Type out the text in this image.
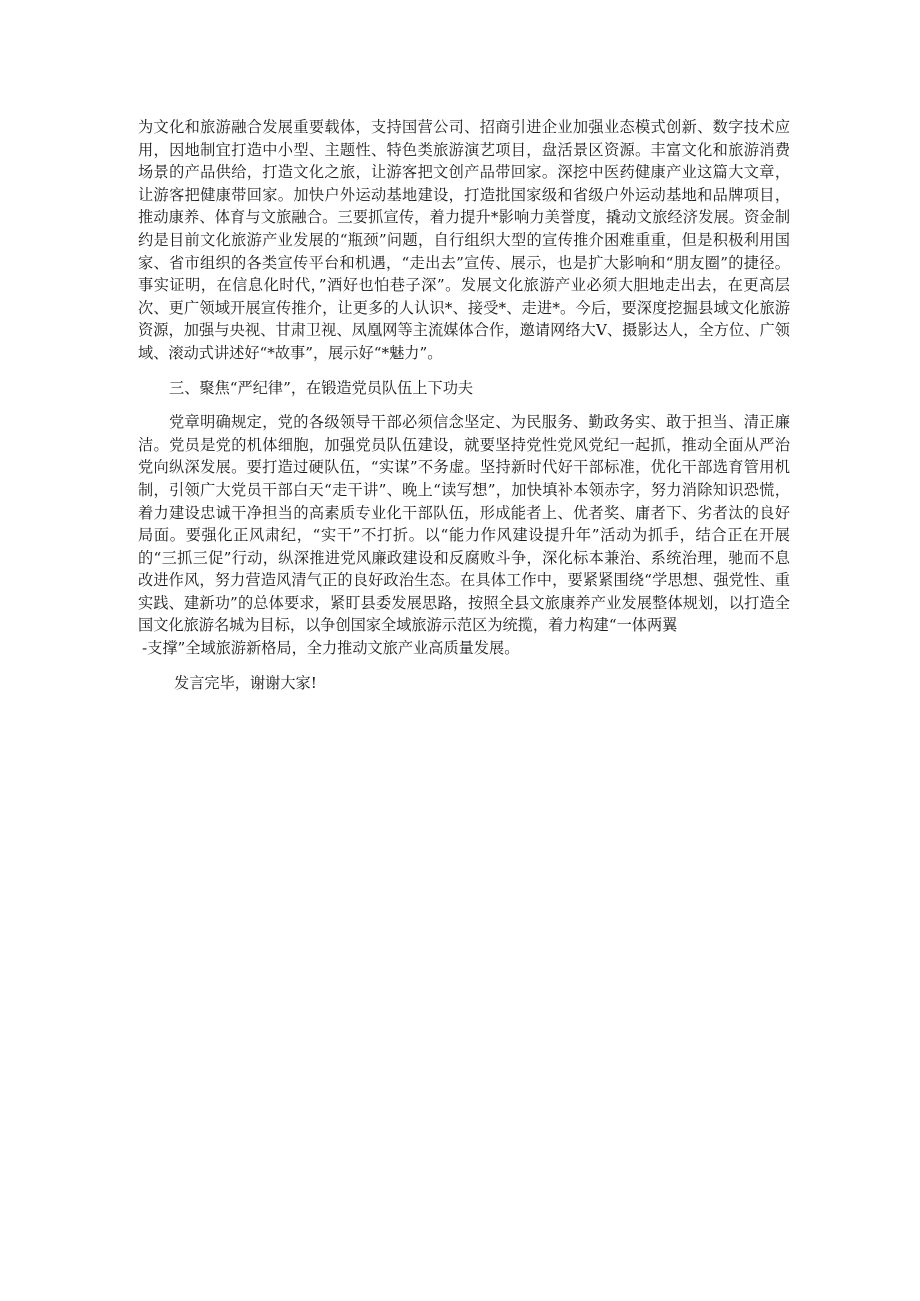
为文化和旅游融合发展重要载体，支持国营公司、招商引进企业加强业态模式创新、数字技术应用，因地制宜打造中小型、主题性、特色类旅游演艺项目，盘活景区资源。丰富文化和旅游消费场景的产品供给，打造文化之旅，让游客把文创产品带回家。深挖中医药健康产业这篇大文章，让游客把健康带回家。加快户外运动基地建设，打造批国家级和省级户外运动基地和品牌项目，推动康养、体育与文旅融合。三要抓宣传，着力提升*影响力美誉度，撬动文旅经济发展。资金制约是目前文化旅游产业发展的“瓶颈”问题，自行组织大型的宣传推介困难重重，但是积极利用国家、省市组织的各类宣传平台和机遇，“走出去”宣传、展示，也是扩大影响和“朋友圈”的捷径。事实证明，在信息化时代，”酒好也怕巷子深”。发展文化旅游产业必须大胆地走出去，在更高层次、更广领域开展宣传推介，让更多的人认识*、接受*、走进*。今后，要深度挖掘县域文化旅游资源，加强与央视、甘肃卫视、凤凰网等主流媒体合作，邀请网络大V、摄影达人，全方位、广领域、滚动式讲述好“*故事”，展示好“*魅力”。

三、聚焦“严纪律”，在锻造党员队伍上下功夫

党章明确规定，党的各级领导干部必须信念坚定、为民服务、勤政务实、敢于担当、清正廉洁。党员是党的机体细胞，加强党员队伍建设，就要坚持党性党风党纪一起抓，推动全面从严治党向纵深发展。要打造过硬队伍，“实谋”不务虚。坚持新时代好干部标准，优化干部选育管用机制，引领广大党员干部白天“走干讲”、晚上“读写想”，加快填补本领赤字，努力消除知识恐慌，着力建设忠诚干净担当的高素质专业化干部队伍，形成能者上、优者奖、庸者下、劣者汰的良好局面。要强化正风肃纪，“实干”不打折。以“能力作风建设提升年”活动为抓手，结合正在开展的“三抓三促”行动，纵深推进党风廉政建设和反腐败斗争，深化标本兼治、系统治理，驰而不息改进作风，努力营造风清气正的良好政治生态。在具体工作中，要紧紧围绕“学思想、强党性、重实践、建新功”的总体要求，紧盯县委发展思路，按照全县文旅康养产业发展整体规划，以打造全国文化旅游名城为目标，以争创国家全域旅游示范区为统揽，着力构建“一体两翼

-支撑”全域旅游新格局，全力推动文旅产业高质量发展。

发言完毕，谢谢大家!
